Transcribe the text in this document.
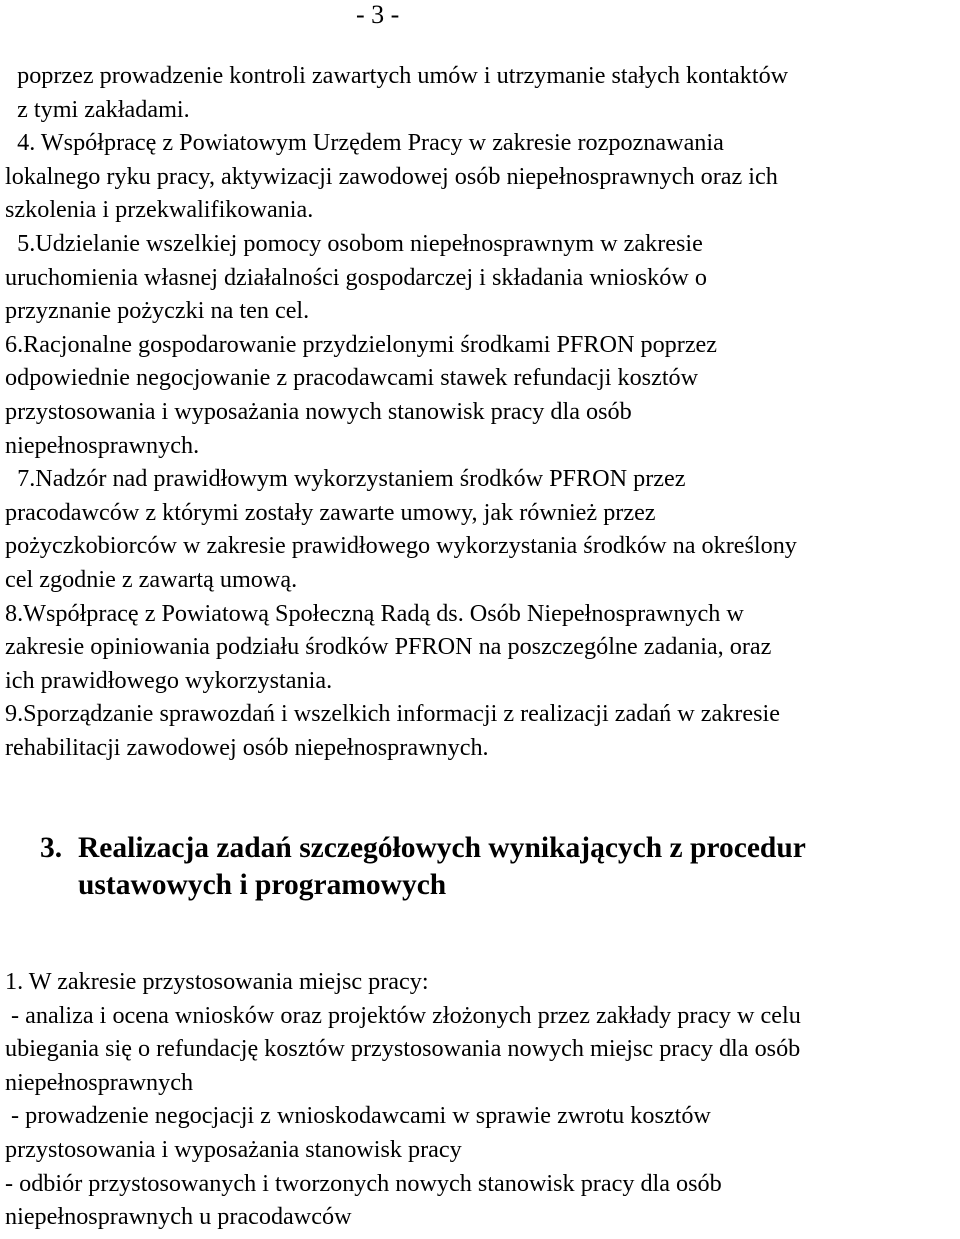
- 3 -
poprzez prowadzenie kontroli zawartych umów i utrzymanie stałych kontaktów
z tymi zakładami.
4. Współpracę z Powiatowym Urzędem Pracy w zakresie rozpoznawania
lokalnego ryku pracy, aktywizacji zawodowej osób niepełnosprawnych oraz ich
szkolenia i przekwalifikowania.
5.Udzielanie wszelkiej pomocy osobom niepełnosprawnym w zakresie
uruchomienia własnej działalności gospodarczej i składania wniosków o
przyznanie pożyczki na ten cel.
6.Racjonalne gospodarowanie przydzielonymi środkami PFRON poprzez
odpowiednie negocjowanie z pracodawcami stawek refundacji kosztów
przystosowania i wyposażania nowych stanowisk pracy dla osób
niepełnosprawnych.
7.Nadzór nad prawidłowym wykorzystaniem środków PFRON przez
pracodawców z którymi zostały zawarte umowy, jak również przez
pożyczkobiorców w zakresie prawidłowego wykorzystania środków na określony
cel zgodnie z zawartą umową.
8.Współpracę z Powiatową Społeczną Radą ds. Osób Niepełnosprawnych w
zakresie opiniowania podziału środków PFRON na poszczególne zadania, oraz
ich prawidłowego wykorzystania.
9.Sporządzanie sprawozdań i wszelkich informacji z realizacji zadań w zakresie
rehabilitacji zawodowej osób niepełnosprawnych.
3. Realizacja zadań szczegółowych wynikających z procedur
ustawowych i programowych
1. W zakresie przystosowania miejsc pracy:
- analiza i ocena wniosków oraz projektów złożonych przez zakłady pracy w celu
ubiegania się o refundację kosztów przystosowania nowych miejsc pracy dla osób
niepełnosprawnych
- prowadzenie negocjacji z wnioskodawcami w sprawie zwrotu kosztów
przystosowania i wyposażania stanowisk pracy
- odbiór przystosowanych i tworzonych nowych stanowisk pracy dla osób
niepełnosprawnych u pracodawców
